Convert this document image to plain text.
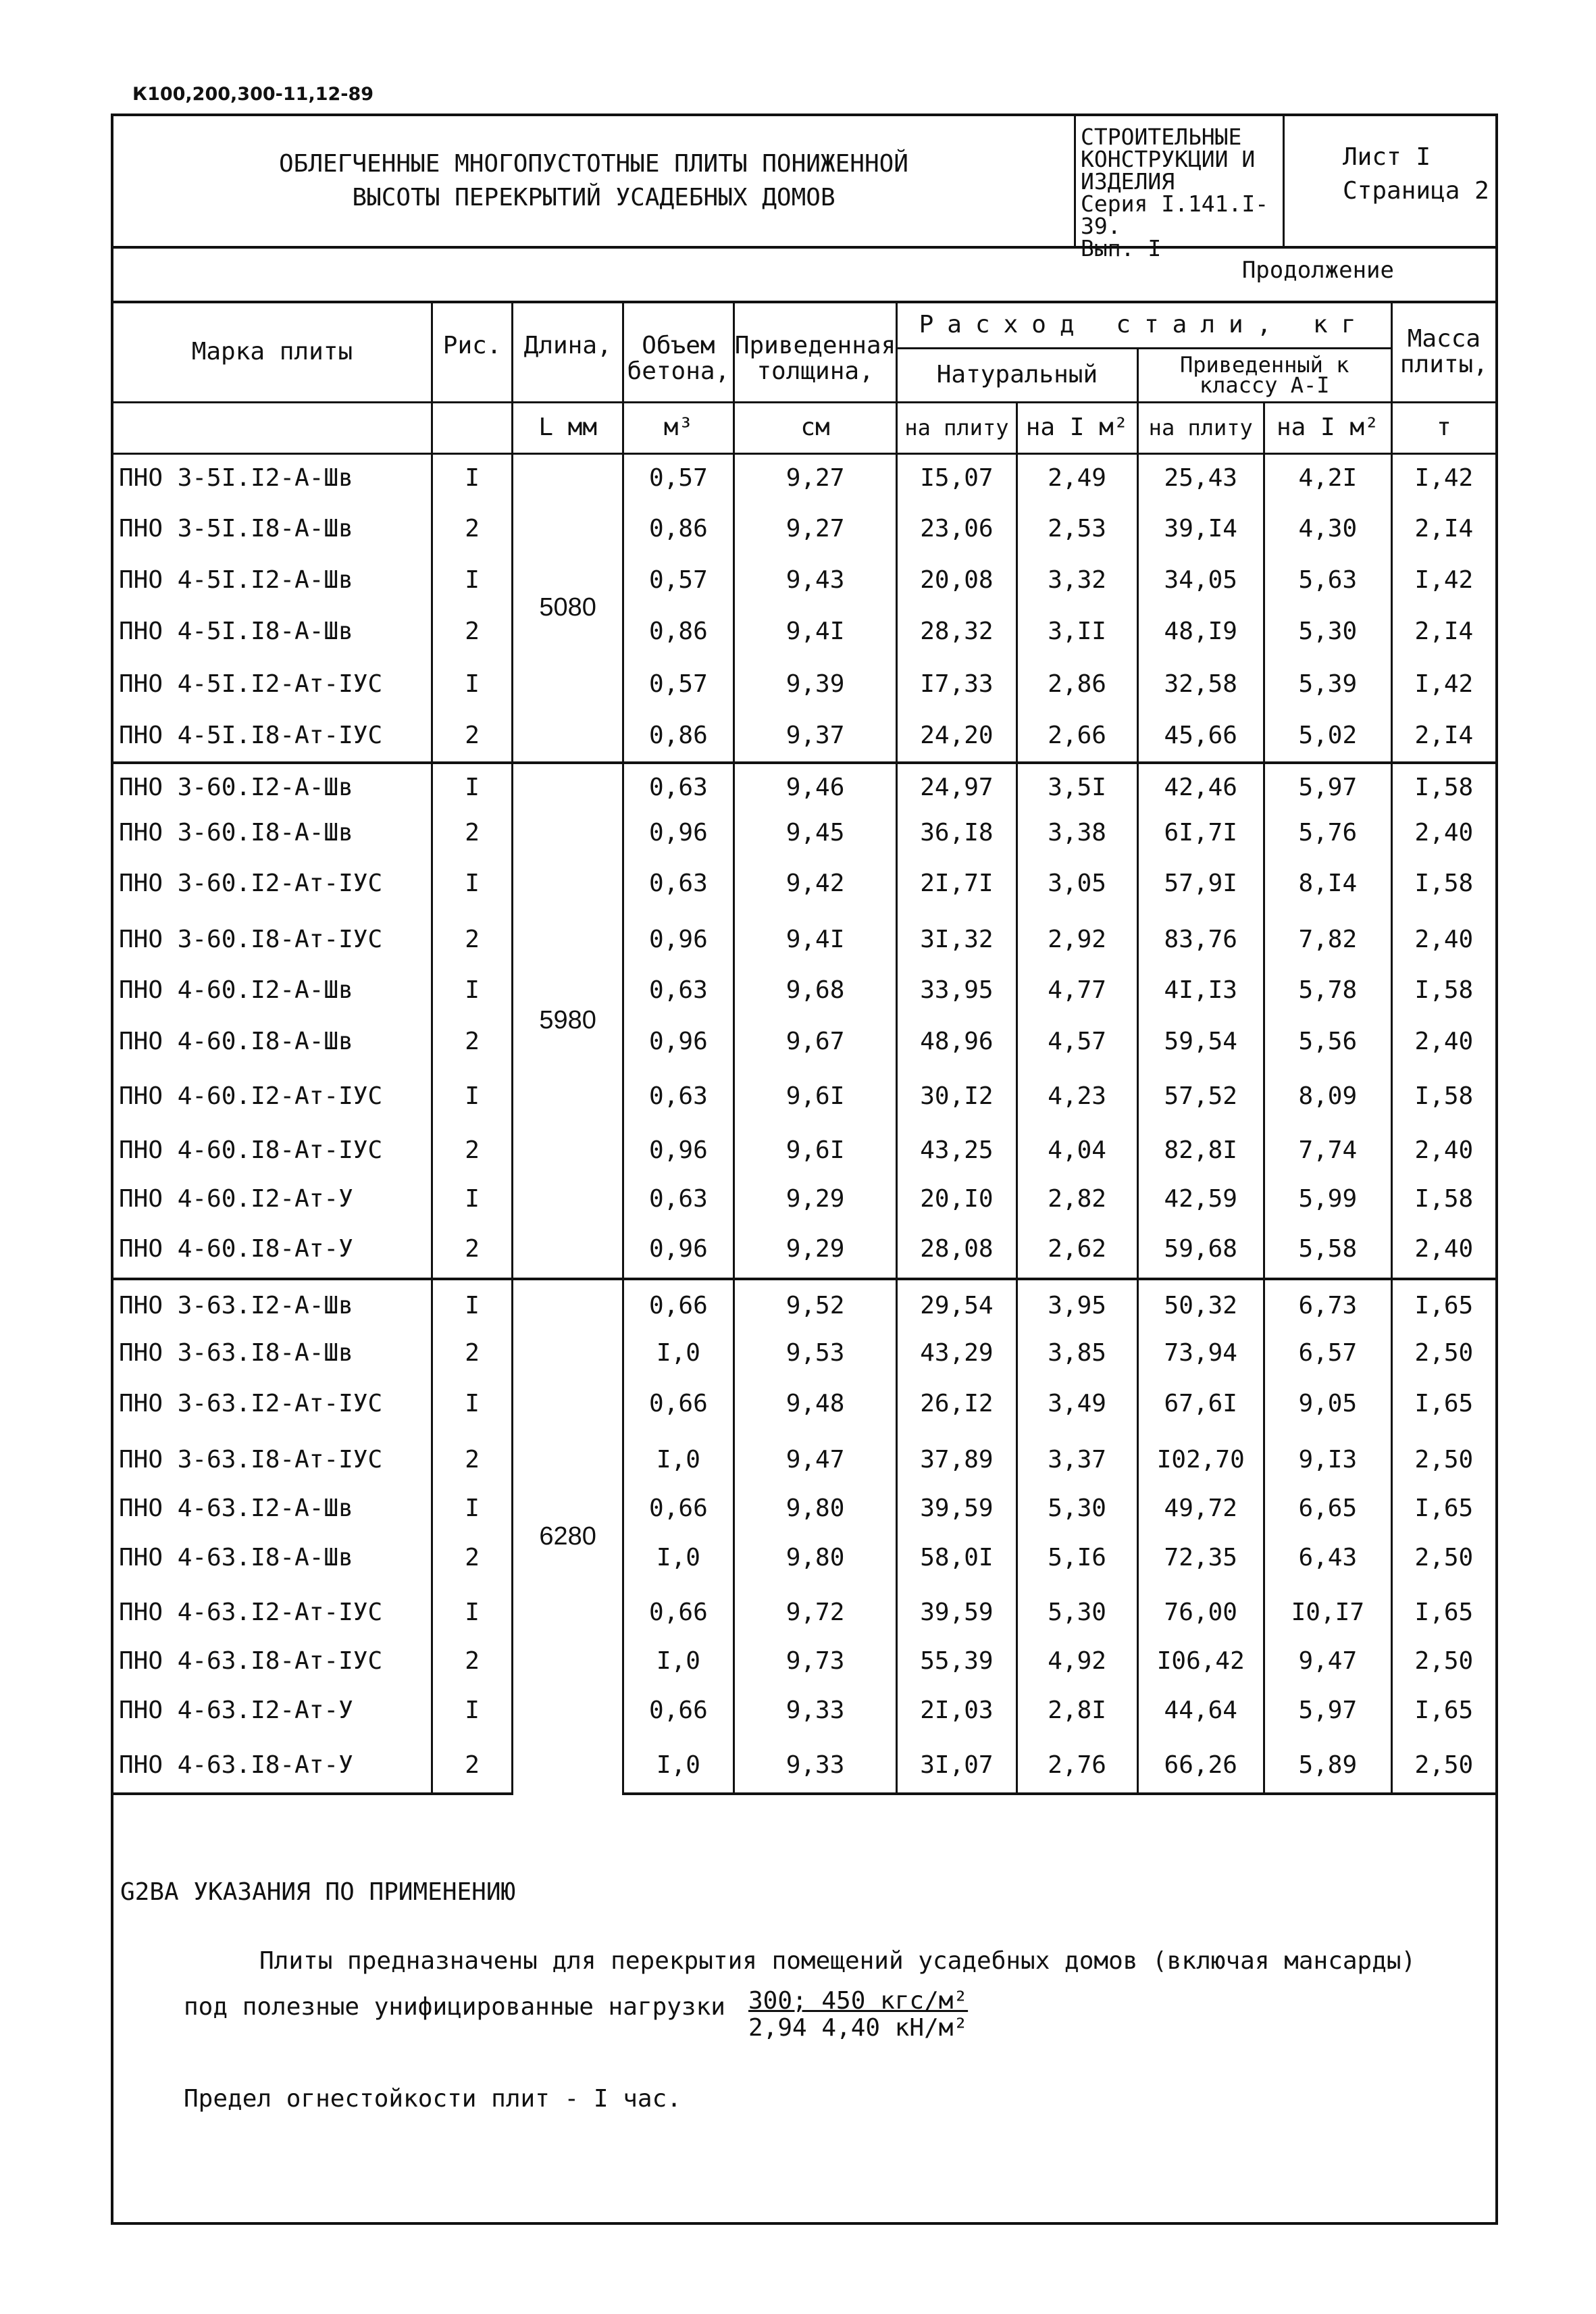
К100,200,300-11,12-89
ОБЛЕГЧЕННЫЕ МНОГОПУСТОТНЫЕ ПЛИТЫ ПОНИЖЕННОЙ
ВЫСОТЫ ПЕРЕКРЫТИЙ УСАДЕБНЫХ ДОМОВ
СТРОИТЕЛЬНЫЕ
КОНСТРУКЦИИ И
ИЗДЕЛИЯ
Серия I.141.I-39.
Вып. I
Лист I
Страница 2
Продолжение
Марка плиты	Рис.	Длина,	Объем бетона,	Приведенная толщина,	Расход стали, кг				Масса плиты,
					Натуральный		Приведенный к классу А-I		
		L мм	м³	см	на плиту	на I м²	на плиту	на I м²	т
ПНО 3-5I.I2-А-Шв	I	5080	0,57	9,27	I5,07	2,49	25,43	4,2I	I,42
ПНО 3-5I.I8-А-Шв	2		0,86	9,27	23,06	2,53	39,I4	4,30	2,I4
ПНО 4-5I.I2-А-Шв	I		0,57	9,43	20,08	3,32	34,05	5,63	I,42
ПНО 4-5I.I8-А-Шв	2		0,86	9,4I	28,32	3,II	48,I9	5,30	2,I4
ПНО 4-5I.I2-Ат-IУС	I		0,57	9,39	I7,33	2,86	32,58	5,39	I,42
ПНО 4-5I.I8-Ат-IУС	2		0,86	9,37	24,20	2,66	45,66	5,02	2,I4
ПНО 3-60.I2-А-Шв	I	5980	0,63	9,46	24,97	3,5I	42,46	5,97	I,58
ПНО 3-60.I8-А-Шв	2		0,96	9,45	36,I8	3,38	6I,7I	5,76	2,40
ПНО 3-60.I2-Ат-IУС	I		0,63	9,42	2I,7I	3,05	57,9I	8,I4	I,58
ПНО 3-60.I8-Ат-IУС	2		0,96	9,4I	3I,32	2,92	83,76	7,82	2,40
ПНО 4-60.I2-А-Шв	I		0,63	9,68	33,95	4,77	4I,I3	5,78	I,58
ПНО 4-60.I8-А-Шв	2		0,96	9,67	48,96	4,57	59,54	5,56	2,40
ПНО 4-60.I2-Ат-IУС	I		0,63	9,6I	30,I2	4,23	57,52	8,09	I,58
ПНО 4-60.I8-Ат-IУС	2		0,96	9,6I	43,25	4,04	82,8I	7,74	2,40
ПНО 4-60.I2-Ат-У	I		0,63	9,29	20,I0	2,82	42,59	5,99	I,58
ПНО 4-60.I8-Ат-У	2		0,96	9,29	28,08	2,62	59,68	5,58	2,40
ПНО 3-63.I2-А-Шв	I	6280	0,66	9,52	29,54	3,95	50,32	6,73	I,65
ПНО 3-63.I8-А-Шв	2		I,0	9,53	43,29	3,85	73,94	6,57	2,50
ПНО 3-63.I2-Ат-IУС	I		0,66	9,48	26,I2	3,49	67,6I	9,05	I,65
ПНО 3-63.I8-Ат-IУС	2		I,0	9,47	37,89	3,37	I02,70	9,I3	2,50
ПНО 4-63.I2-А-Шв	I		0,66	9,80	39,59	5,30	49,72	6,65	I,65
ПНО 4-63.I8-А-Шв	2		I,0	9,80	58,0I	5,I6	72,35	6,43	2,50
ПНО 4-63.I2-Ат-IУС	I		0,66	9,72	39,59	5,30	76,00	I0,I7	I,65
ПНО 4-63.I8-Ат-IУС	2		I,0	9,73	55,39	4,92	I06,42	9,47	2,50
ПНО 4-63.I2-Ат-У	I		0,66	9,33	2I,03	2,8I	44,64	5,97	I,65
ПНО 4-63.I8-Ат-У	2		I,0	9,33	3I,07	2,76	66,26	5,89	2,50
G2ВА УКАЗАНИЯ ПО ПРИМЕНЕНИЮ
Плиты предназначены для перекрытия помещений усадебных домов (включая мансарды)
под полезные унифицированные нагрузки 300; 450 кгс/м²
2,94 4,40 кН/м²
Предел огнестойкости плит - I час.
